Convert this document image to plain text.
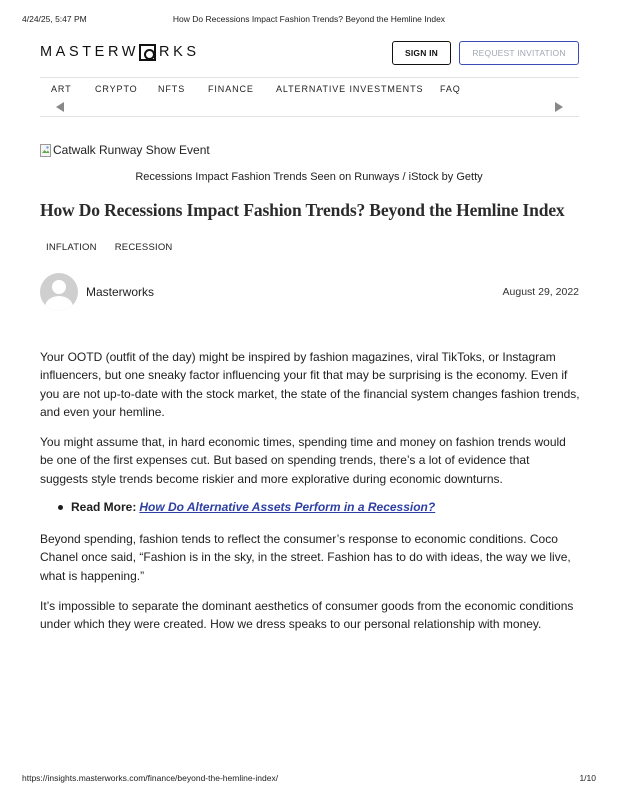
4/24/25, 5:47 PM	How Do Recessions Impact Fashion Trends? Beyond the Hemline Index
MASTERW RKS	SIGN IN	REQUEST INVITATION
ART	CRYPTO	NFTS	FINANCE	ALTERNATIVE INVESTMENTS	FAQ
Catwalk Runway Show Event
Recessions Impact Fashion Trends Seen on Runways / iStock by Getty
How Do Recessions Impact Fashion Trends? Beyond the Hemline Index
INFLATION RECESSION
Masterworks	August 29, 2022

Your OOTD (outfit of the day) might be inspired by fashion magazines, viral TikToks, or Instagram influencers, but one sneaky factor influencing your fit that may be surprising is the economy. Even if you are not up-to-date with the stock market, the state of the financial system changes fashion trends, and even your hemline.

You might assume that, in hard economic times, spending time and money on fashion trends would be one of the first expenses cut. But based on spending trends, there’s a lot of evidence that suggests style trends become riskier and more explorative during economic downturns.

Read More: How Do Alternative Assets Perform in a Recession?

Beyond spending, fashion tends to reflect the consumer’s response to economic conditions. Coco Chanel once said, “Fashion is in the sky, in the street. Fashion has to do with ideas, the way we live, what is happening.”

It’s impossible to separate the dominant aesthetics of consumer goods from the economic conditions under which they were created. How we dress speaks to our personal relationship with money.

https://insights.masterworks.com/finance/beyond-the-hemline-index/	1/10
